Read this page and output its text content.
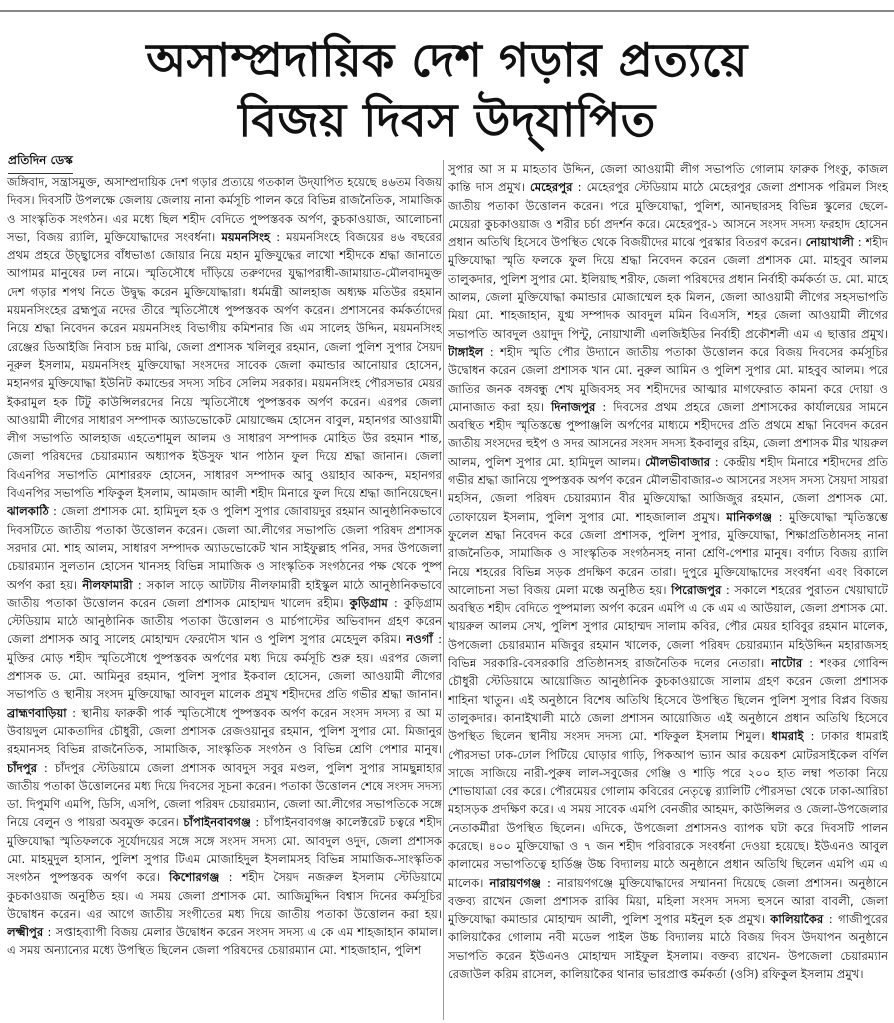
অসাম্প্রদায়িক দেশ গড়ার প্রত্যয়ে
বিজয় দিবস উদ্‌যাপিত
প্রতিদিন ডেস্ক

জঙ্গিবাদ, সন্ত্রাসমুক্ত, অসাম্প্রদায়িক দেশ গড়ার প্রত্যয়ে গতকাল উদ্‌যাপিত হয়েছে ৪৬তম বিজয় দিবস। দিবসটি উপলক্ষে জেলায় জেলায় নানা কর্মসূচি পালন করে বিভিন্ন রাজনৈতিক, সামাজিক ও সাংস্কৃতিক সংগঠন। এর মধ্যে ছিল শহীদ বেদিতে পুষ্পস্তবক অর্পণ, কুচকাওয়াজ, আলোচনা সভা, বিজয় র‌্যালি, মুক্তিযোদ্ধাদের সংবর্ধনা। ময়মনসিংহ : ময়মনসিংহে বিজয়ের ৪৬ বছরের প্রথম প্রহরে উচ্ছ্বাসের বাঁধভাঙা জোয়ার নিয়ে মহান মুক্তিযুদ্ধের লাখো শহীদকে শ্রদ্ধা জানাতে আপামর মানুষের ঢল নামে। স্মৃতিসৌধে দাঁড়িয়ে তরুণদের যুদ্ধাপরাধী-জামায়াত-মৌলবাদমুক্ত দেশ গড়ার শপথ নিতে উদ্বুদ্ধ করেন মুক্তিযোদ্ধারা। ধর্মমন্ত্রী আলহাজ অধ্যক্ষ মতিউর রহমান ময়মনসিংহের ব্রহ্মপুত্র নদের তীরে স্মৃতিসৌধে পুষ্পস্তবক অর্পণ করেন। প্রশাসনের কর্মকর্তাদের নিয়ে শ্রদ্ধা নিবেদন করেন ময়মনসিংহ বিভাগীয় কমিশনার জি এম সালেহ উদ্দিন, ময়মনসিংহ রেঞ্জের ডিআইজি নিবাস চন্দ্র মাঝি, জেলা প্রশাসক খলিলুর রহমান, জেলা পুলিশ সুপার সৈয়দ নূরুল ইসলাম, ময়মনসিংহ মুক্তিযোদ্ধা সংসদের সাবেক জেলা কমান্ডার আনোয়ার হোসেন, মহানগর মুক্তিযোদ্ধা ইউনিট কমান্ডের সদস্য সচিব সেলিম সরকার। ময়মনসিংহ পৌরসভার মেয়র ইকরামুল হক টিটু কাউন্সিলরদের নিয়ে স্মৃতিসৌধে পুষ্পস্তবক অর্পণ করেন। এরপর জেলা আওয়ামী লীগের সাধারণ সম্পাদক অ্যাডভোকেট মোয়াজ্জেম হোসেন বাবুল, মহানগর আওয়ামী লীগ সভাপতি আলহাজ এহতেশামুল আলম ও সাধারণ সম্পাদক মোহিত উর রহমান শান্ত, জেলা পরিষদের চেয়ারম্যান অধ্যাপক ইউসুফ খান পাঠান ফুল দিয়ে শ্রদ্ধা জানান। জেলা বিএনপির সভাপতি মোশাররফ হোসেন, সাধারণ সম্পাদক আবু ওয়াহাব আকন্দ, মহানগর বিএনপির সভাপতি শফিকুল ইসলাম, আমজাদ আলী শহীদ মিনারে ফুল দিয়ে শ্রদ্ধা জানিয়েছেন। ঝালকাঠি : জেলা প্রশাসক মো. হামিদুল হক ও পুলিশ সুপার জোবায়দুর রহমান আনুষ্ঠানিকভাবে দিবসটিতে জাতীয় পতাকা উত্তোলন করেন। জেলা আ.লীগের সভাপতি জেলা পরিষদ প্রশাসক সরদার মো. শাহ আলম, সাধারণ সম্পাদক অ্যাডভোকেট খান সাইফুল্লাহ পনির, সদর উপজেলা চেয়ারম্যান সুলতান হোসেন খানসহ বিভিন্ন সামাজিক ও সাংস্কৃতিক সংগঠনের পক্ষ থেকে পুষ্প অর্পণ করা হয়। নীলফামারী : সকাল সাড়ে আটটায় নীলফামারী হাইস্কুল মাঠে আনুষ্ঠানিকভাবে জাতীয় পতাকা উত্তোলন করেন জেলা প্রশাসক মোহাম্মদ খালেদ রহীম। কুড়িগ্রাম : কুড়িগ্রাম স্টেডিয়াম মাঠে আনুষ্ঠানিক জাতীয় পতাকা উত্তোলন ও মার্চপাস্টের অভিবাদন গ্রহণ করেন জেলা প্রশাসক আবু সালেহ মোহাম্মদ ফেরদৌস খান ও পুলিশ সুপার মেহেদুল করিম। নওগাঁ : মুক্তির মোড় শহীদ স্মৃতিসৌধে পুষ্পস্তবক অর্পণের মধ্য দিয়ে কর্মসূচি শুরু হয়। এরপর জেলা প্রশাসক ড. মো. আমিনুর রহমান, পুলিশ সুপার ইকবাল হোসেন, জেলা আওয়ামী লীগের সভাপতি ও স্থানীয় সংসদ মুক্তিযোদ্ধা আবদুল মালেক প্রমুখ শহীদদের প্রতি গভীর শ্রদ্ধা জানান। ব্রাহ্মণবাড়িয়া : স্থানীয় ফারুকী পার্ক স্মৃতিসৌধে পুষ্পস্তবক অর্পণ করেন সংসদ সদস্য র আ ম উবায়দুল মোকতাদির চৌধুরী, জেলা প্রশাসক রেজওয়ানুর রহমান, পুলিশ সুপার মো. মিজানুর রহমানসহ বিভিন্ন রাজনৈতিক, সামাজিক, সাংস্কৃতিক সংগঠন ও বিভিন্ন শ্রেণি পেশার মানুষ। চাঁদপুর : চাঁদপুর স্টেডিয়ামে জেলা প্রশাসক আবদুস সবুর মণ্ডল, পুলিশ সুপার সামছুন্নাহার জাতীয় পতাকা উত্তোলনের মধ্য দিয়ে দিবসের সূচনা করেন। পতাকা উত্তোলন শেষে সংসদ সদস্য ডা. দিপুমণি এমপি, ডিসি, এসপি, জেলা পরিষদ চেয়ারম্যান, জেলা আ.লীগের সভাপতিকে সঙ্গে নিয়ে বেলুন ও পায়রা অবমুক্ত করেন। চাঁপাইনবাবগঞ্জ : চাঁপাইনবাবগঞ্জ কালেক্টরেট চত্বরে শহীদ মুক্তিযোদ্ধা স্মৃতিফলকে সূর্যোদয়ের সঙ্গে সঙ্গে সংসদ সদস্য মো. আবদুল ওদুদ, জেলা প্রশাসক মো. মাহমুদুল হাসান, পুলিশ সুপার টিএম মোজাহিদুল ইসলামসহ বিভিন্ন সামাজিক-সাংস্কৃতিক সংগঠন পুষ্পস্তবক অর্পণ করে। কিশোরগঞ্জ : শহীদ সৈয়দ নজরুল ইসলাম স্টেডিয়ামে কুচকাওয়াজ অনুষ্ঠিত হয়। এ সময় জেলা প্রশাসক মো. আজিমুদ্দিন বিশ্বাস দিনের কর্মসূচির উদ্বোধন করেন। এর আগে জাতীয় সংগীতের মধ্য দিয়ে জাতীয় পতাকা উত্তোলন করা হয়। লক্ষ্মীপুর : সপ্তাহব্যাপী বিজয় মেলার উদ্বোধন করেন সংসদ সদস্য এ কে এম শাহজাহান কামাল। এ সময় অন্যান্যের মধ্যে উপস্থিত ছিলেন জেলা পরিষদের চেয়ারম্যান মো. শাহজাহান, পুলিশ

সুপার আ স ম মাহতাব উদ্দিন, জেলা আওয়ামী লীগ সভাপতি গোলাম ফারুক পিংকু, কাজল কান্তি দাস প্রমুখ। মেহেরপুর : মেহেরপুর স্টেডিয়াম মাঠে মেহেরপুর জেলা প্রশাসক পরিমল সিংহ জাতীয় পতাকা উত্তোলন করেন। পরে মুক্তিযোদ্ধা, পুলিশ, আনছারসহ বিভিন্ন স্কুলের ছেলে-মেয়েরা কুচকাওয়াজ ও শরীর চর্চা প্রদর্শন করে। মেহেরপুর-১ আসনে সংসদ সদস্য ফরহাদ হোসেন প্রধান অতিথি হিসেবে উপস্থিত থেকে বিজয়ীদের মাঝে পুরস্কার বিতরণ করেন। নোয়াখালী : শহীদ মুক্তিযোদ্ধা স্মৃতি ফলকে ফুল দিয়ে শ্রদ্ধা নিবেদন করেন জেলা প্রশাসক মো. মাহবুব আলম তালুকদার, পুলিশ সুপার মো. ইলিয়াছ শরীফ, জেলা পরিষদের প্রধান নির্বাহী কর্মকর্তা ড. মো. মাহে আলম, জেলা মুক্তিযোদ্ধা কমান্ডার মোজাম্মেল হক মিলন, জেলা আওয়ামী লীগের সহসভাপতি মিয়া মো. শাহজাহান, যুগ্ম সম্পাদক আবদুল মমিন বিএসসি, শহর জেলা আওয়ামী লীগের সভাপতি আবদুল ওয়াদুদ পিন্টু, নোয়াখালী এলজিইডির নির্বাহী প্রকৌশলী এম এ ছাত্তার প্রমুখ। টাঙ্গাইল : শহীদ স্মৃতি পৌর উদ্যানে জাতীয় পতাকা উত্তোলন করে বিজয় দিবসের কর্মসূচির উদ্বোধন করেন জেলা প্রশাসক খান মো. নুরুল আমিন ও পুলিশ সুপার মো. মাহবুব আলম। পরে জাতির জনক বঙ্গবন্ধু শেখ মুজিবসহ সব শহীদদের আত্মার মাগফেরাত কামনা করে দোয়া ও মোনাজাত করা হয়। দিনাজপুর : দিবসের প্রথম প্রহরে জেলা প্রশাসকের কার্যালয়ের সামনে অবস্থিত শহীদ স্মৃতিস্তম্ভে পুষ্পাঞ্জলি অর্পণের মাধ্যমে শহীদদের প্রতি প্রথমে শ্রদ্ধা নিবেদন করেন জাতীয় সংসদের হুইপ ও সদর আসনের সংসদ সদস্য ইকবালুর রহিম, জেলা প্রশাসক মীর খায়রুল আলম, পুলিশ সুপার মো. হামিদুল আলম। মৌলভীবাজার : কেন্দ্রীয় শহীদ মিনারে শহীদদের প্রতি গভীর শ্রদ্ধা জানিয়ে পুষ্পস্তবক অর্পণ করেন মৌলভীবাজার-৩ আসনের সংসদ সদস্য সৈয়দা সায়রা মহসিন, জেলা পরিষদ চেয়ারম্যান বীর মুক্তিযোদ্ধা আজিজুর রহমান, জেলা প্রশাসক মো. তোফায়েল ইসলাম, পুলিশ সুপার মো. শাহজালাল প্রমুখ। মানিকগঞ্জ : মুক্তিযোদ্ধা স্মৃতিস্তম্ভে ফুলেল শ্রদ্ধা নিবেদন করে জেলা প্রশাসক, পুলিশ সুপার, মুক্তিযোদ্ধা, শিক্ষাপ্রতিষ্ঠানসহ নানা রাজনৈতিক, সামাজিক ও সাংস্কৃতিক সংগঠনসহ নানা শ্রেণি-পেশার মানুষ। বর্ণাঢ্য বিজয় র‌্যালি নিয়ে শহরের বিভিন্ন সড়ক প্রদক্ষিণ করেন তারা। দুপুরে মুক্তিযোদ্ধাদের সংবর্ধনা এবং বিকালে আলোচনা সভা বিজয় মেলা মঞ্চে অনুষ্ঠিত হয়। পিরোজপুর : সকালে শহরের পুরাতন খেয়াঘাটে অবস্থিত শহীদ বেদিতে পুষ্পমাল্য অর্পণ করেন এমপি এ কে এম এ আউয়াল, জেলা প্রশাসক মো. খায়রুল আলম সেখ, পুলিশ সুপার মোহাম্মদ সালাম কবির, পৌর মেয়র হাবিবুর রহমান মালেক, উপজেলা চেয়ারম্যান মজিবুর রহমান খালেক, জেলা পরিষদ চেয়ারম্যান মহিউদ্দিন মহারাজসহ বিভিন্ন সরকারি-বেসরকারি প্রতিষ্ঠানসহ রাজনৈতিক দলের নেতারা। নাটোর : শংকর গোবিন্দ চৌধুরী স্টেডিয়ামে আয়োজিত আনুষ্ঠানিক কুচকাওয়াজে সালাম গ্রহণ করেন জেলা প্রশাসক শাহিনা খাতুন। এই অনুষ্ঠানে বিশেষ অতিথি হিসেবে উপস্থিত ছিলেন পুলিশ সুপার বিপ্লব বিজয় তালুকদার। কানাইখালী মাঠে জেলা প্রশাসন আয়োজিত এই অনুষ্ঠানে প্রধান অতিথি হিসেবে উপস্থিত ছিলেন স্থানীয় সংসদ সদস্য মো. শফিকুল ইসলাম শিমুল। ধামরাই : ঢাকার ধামরাই পৌরসভা ঢাক-ঢোল পিটিয়ে ঘোড়ার গাড়ি, পিকআপ ভ্যান আর কয়েকশ মোটরসাইকেল বর্ণিল সাজে সাজিয়ে নারী-পুরুষ লাল-সবুজের গেঞ্জি ও শাড়ি পরে ২০০ হাত লম্বা পতাকা নিয়ে শোভাযাত্রা বের করে। পৌরমেয়র গোলাম কবিরের নেতৃত্বে র‌্যালিটি পৌরসভা থেকে ঢাকা-আরিচা মহাসড়ক প্রদক্ষিণ করে। এ সময় সাবেক এমপি বেনজীর আহমদ, কাউন্সিলর ও জেলা-উপজেলার নেতাকর্মীরা উপস্থিত ছিলেন। এদিকে, উপজেলা প্রশাসনও ব্যাপক ঘটা করে দিবসটি পালন করেছে। ৪০০ মুক্তিযোদ্ধা ও ৭ জন শহীদ পরিবারকে সংবর্ধনা দেওয়া হয়েছে। ইউএনও আবুল কালামের সভাপতিত্বে হার্ডিঞ্জ উচ্চ বিদ্যালয় মাঠে অনুষ্ঠানে প্রধান অতিথি ছিলেন এমপি এম এ মালেক। নারায়ণগঞ্জ : নারায়ণগঞ্জে মুক্তিযোদ্ধাদের সম্মাননা দিয়েছে জেলা প্রশাসন। অনুষ্ঠানে বক্তব্য রাখেন জেলা প্রশাসক রাব্বি মিয়া, মহিলা সংসদ সদস্য হুসনে আরা বাবলী, জেলা মুক্তিযোদ্ধা কমান্ডার মোহাম্মদ আলী, পুলিশ সুপার মইনুল হক প্রমুখ। কালিয়াকৈর : গাজীপুরের কালিয়াকৈর গোলাম নবী মডেল পাইল উচ্চ বিদ্যালয় মাঠে বিজয় দিবস উদযাপন অনুষ্ঠানে সভাপতি করেন ইউএনও মোহাম্মদ সাইফুল ইসলাম। বক্তব্য রাখেন- উপজেলা চেয়ারম্যান রেজাউল করিম রাসেল, কালিয়াকৈর থানার ভারপ্রাপ্ত কর্মকর্তা (ওসি) রফিকুল ইসলাম প্রমুখ।
